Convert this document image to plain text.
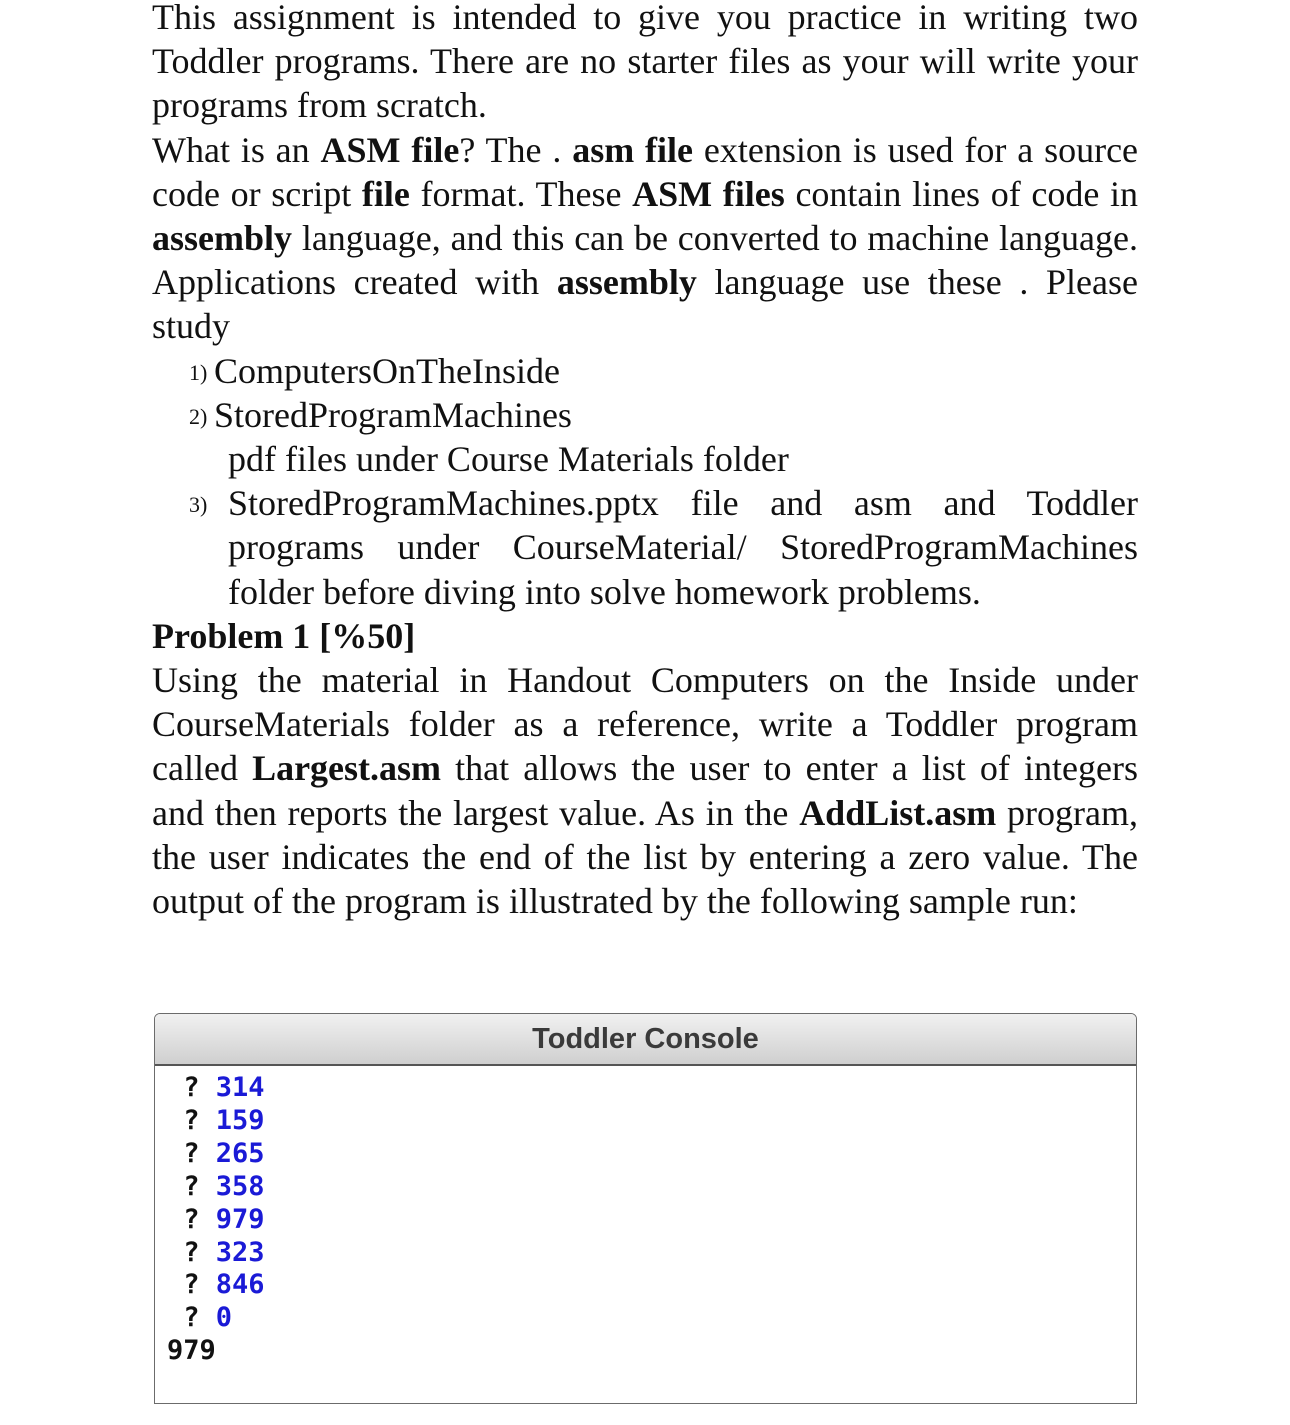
This assignment is intended to give you practice in writing two Toddler programs. There are no starter files as your will write your programs from scratch.

What is an ASM file? The . asm file extension is used for a source code or script file format. These ASM files contain lines of code in assembly language, and this can be converted to machine language. Applications created with assembly language use these . Please study

1) ComputersOnTheInside
2) StoredProgramMachines
pdf files under Course Materials folder
3) StoredProgramMachines.pptx file and asm and Toddler programs under CourseMaterial/ StoredProgramMachines folder before diving into solve homework problems.

Problem 1 [%50]

Using the material in Handout Computers on the Inside under CourseMaterials folder as a reference, write a Toddler program called Largest.asm that allows the user to enter a list of integers and then reports the largest value. As in the AddList.asm program, the user indicates the end of the list by entering a zero value. The output of the program is illustrated by the following sample run:

Toddler Console
? 314
? 159
? 265
? 358
? 979
? 323
? 846
? 0
979
